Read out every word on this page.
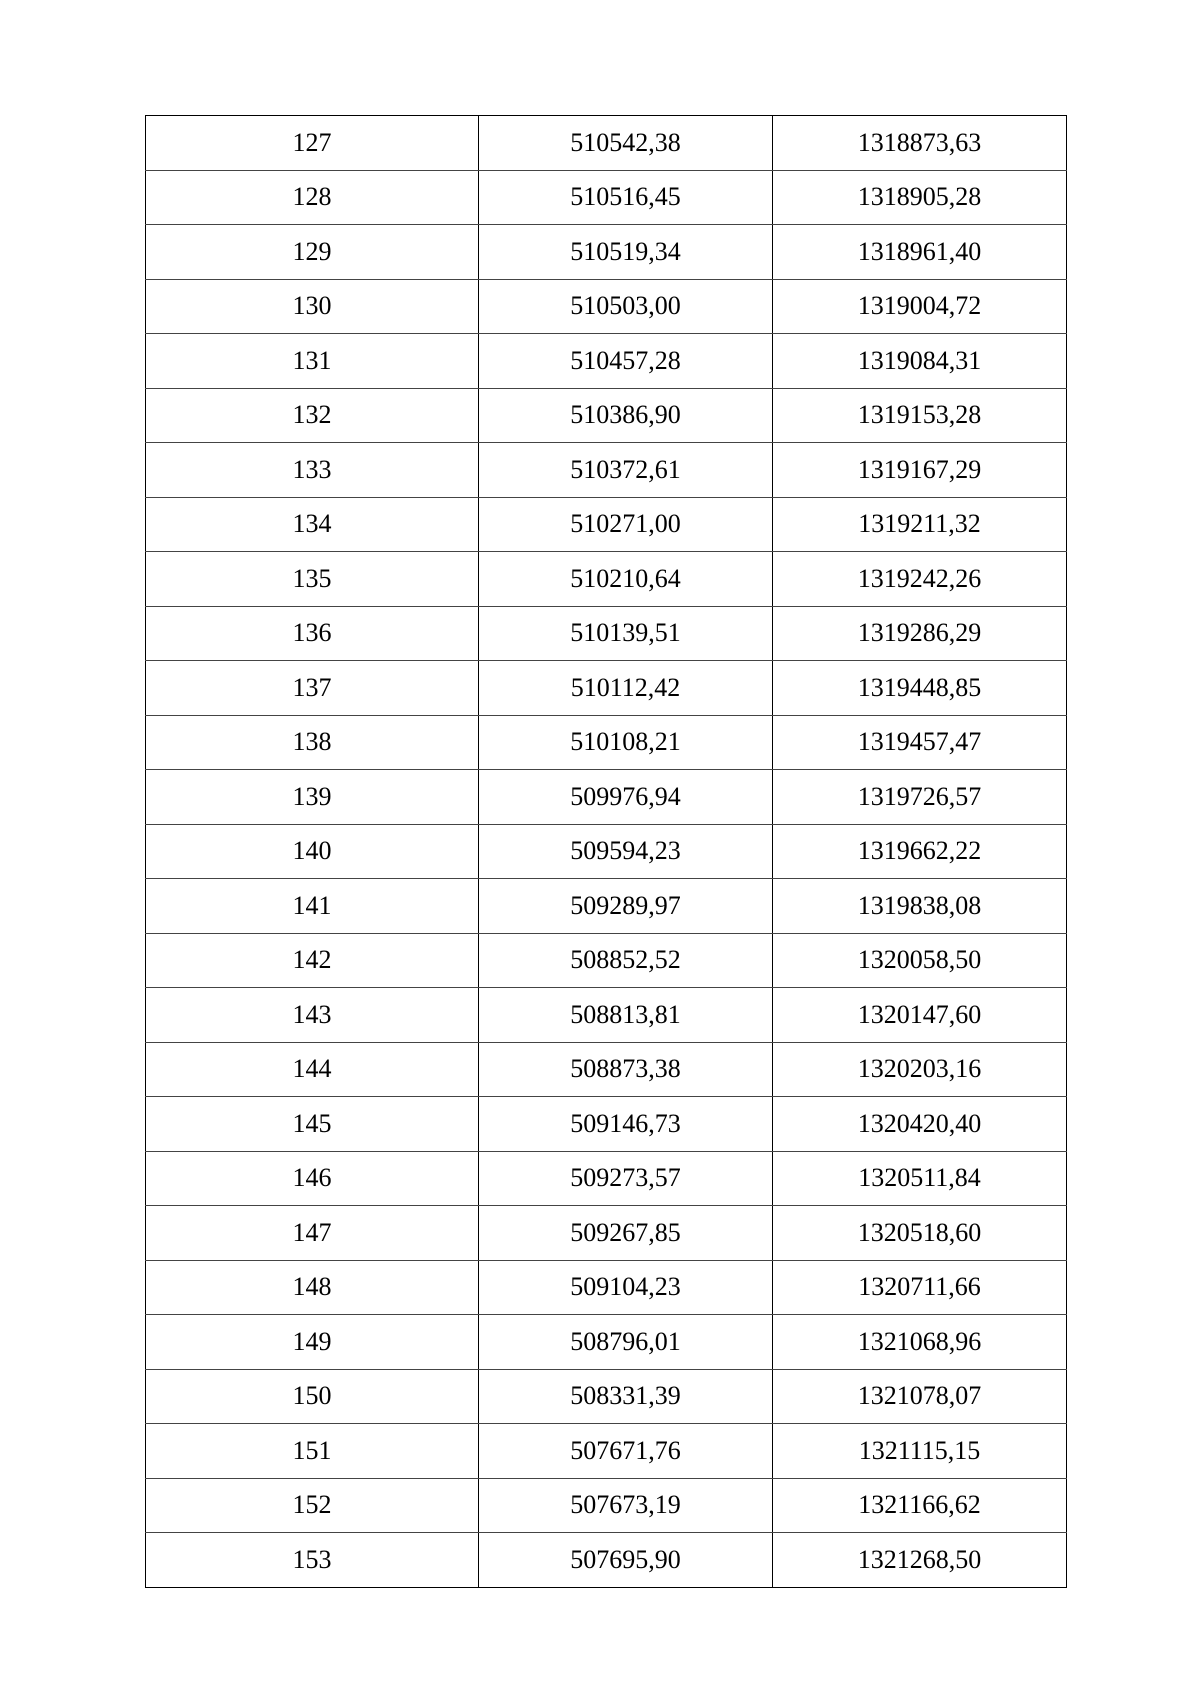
127	510542,38	1318873,63
128	510516,45	1318905,28
129	510519,34	1318961,40
130	510503,00	1319004,72
131	510457,28	1319084,31
132	510386,90	1319153,28
133	510372,61	1319167,29
134	510271,00	1319211,32
135	510210,64	1319242,26
136	510139,51	1319286,29
137	510112,42	1319448,85
138	510108,21	1319457,47
139	509976,94	1319726,57
140	509594,23	1319662,22
141	509289,97	1319838,08
142	508852,52	1320058,50
143	508813,81	1320147,60
144	508873,38	1320203,16
145	509146,73	1320420,40
146	509273,57	1320511,84
147	509267,85	1320518,60
148	509104,23	1320711,66
149	508796,01	1321068,96
150	508331,39	1321078,07
151	507671,76	1321115,15
152	507673,19	1321166,62
153	507695,90	1321268,50
